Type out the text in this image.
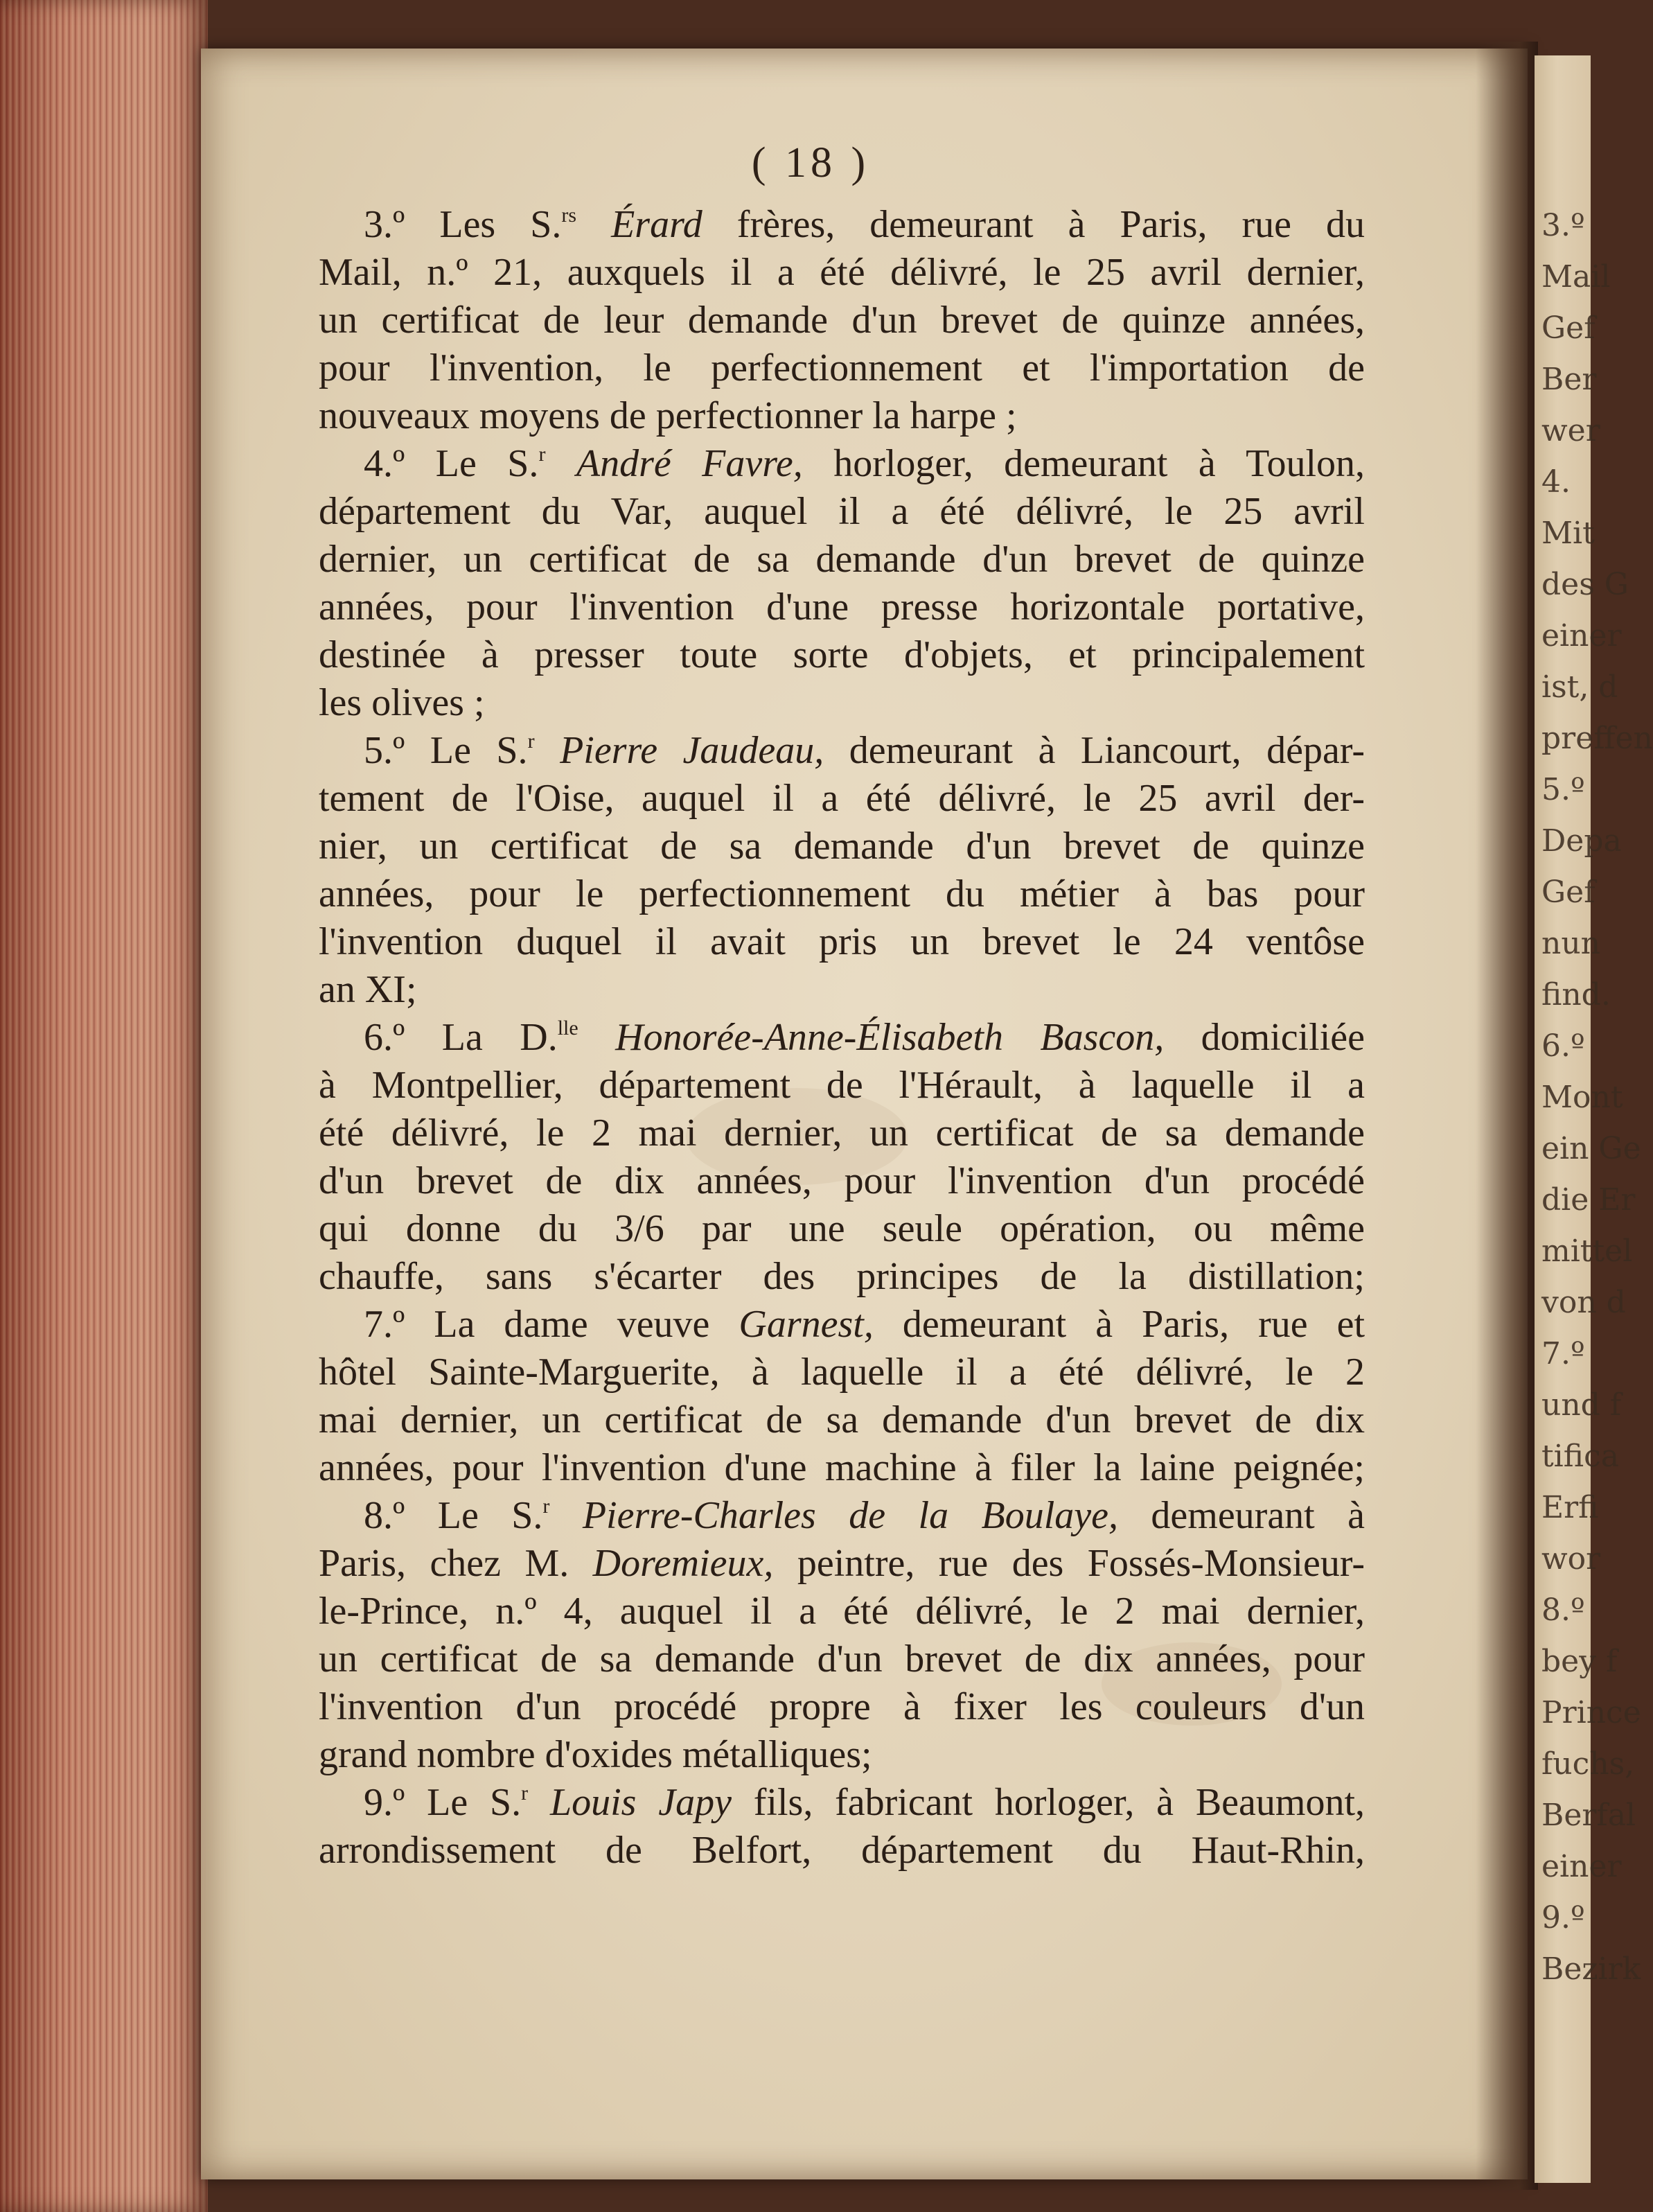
3.º
Mail
Gef
Ber
wer
4.
Mit
des G
einer
ist, d
preffen
5.º
Depa
Gef
nun
find.
6.º
Mont
ein Ge
die Er
mittel
von d
7.º
und f
tifica
Erfi
wor
8.º
bey f
Prince
fuchs,
Berfal
einer
9.º
Bezirk
( 18 )
3.º Les S.$^{rs}$ Érard frères, demeurant à Paris, rue du
Mail, n.º 21, auxquels il a été délivré, le 25 avril dernier,
un certificat de leur demande d'un brevet de quinze années,
pour l'invention, le perfectionnement et l'importation de
nouveaux moyens de perfectionner la harpe ;
4.º Le S.$^r$ André Favre, horloger, demeurant à Toulon,
département du Var, auquel il a été délivré, le 25 avril
dernier, un certificat de sa demande d'un brevet de quinze
années, pour l'invention d'une presse horizontale portative,
destinée à presser toute sorte d'objets, et principalement
les olives ;
5.º Le S.$^r$ Pierre Jaudeau, demeurant à Liancourt, dépar-
tement de l'Oise, auquel il a été délivré, le 25 avril der-
nier, un certificat de sa demande d'un brevet de quinze
années, pour le perfectionnement du métier à bas pour
l'invention duquel il avait pris un brevet le 24 ventôse
an XI;
6.º La D.$^{lle}$ Honorée-Anne-Élisabeth Bascon, domiciliée
à Montpellier, département de l'Hérault, à laquelle il a
été délivré, le 2 mai dernier, un certificat de sa demande
d'un brevet de dix années, pour l'invention d'un procédé
qui donne du 3/6 par une seule opération, ou même
chauffe, sans s'écarter des principes de la distillation;
7.º La dame veuve Garnest, demeurant à Paris, rue et
hôtel Sainte-Marguerite, à laquelle il a été délivré, le 2
mai dernier, un certificat de sa demande d'un brevet de dix
années, pour l'invention d'une machine à filer la laine peignée;
8.º Le S.$^r$ Pierre-Charles de la Boulaye, demeurant à
Paris, chez M. Doremieux, peintre, rue des Fossés-Monsieur-
le-Prince, n.º 4, auquel il a été délivré, le 2 mai dernier,
un certificat de sa demande d'un brevet de dix années, pour
l'invention d'un procédé propre à fixer les couleurs d'un
grand nombre d'oxides métalliques;
9.º Le S.$^r$ Louis Japy fils, fabricant horloger, à Beaumont,
arrondissement de Belfort, département du Haut-Rhin,
